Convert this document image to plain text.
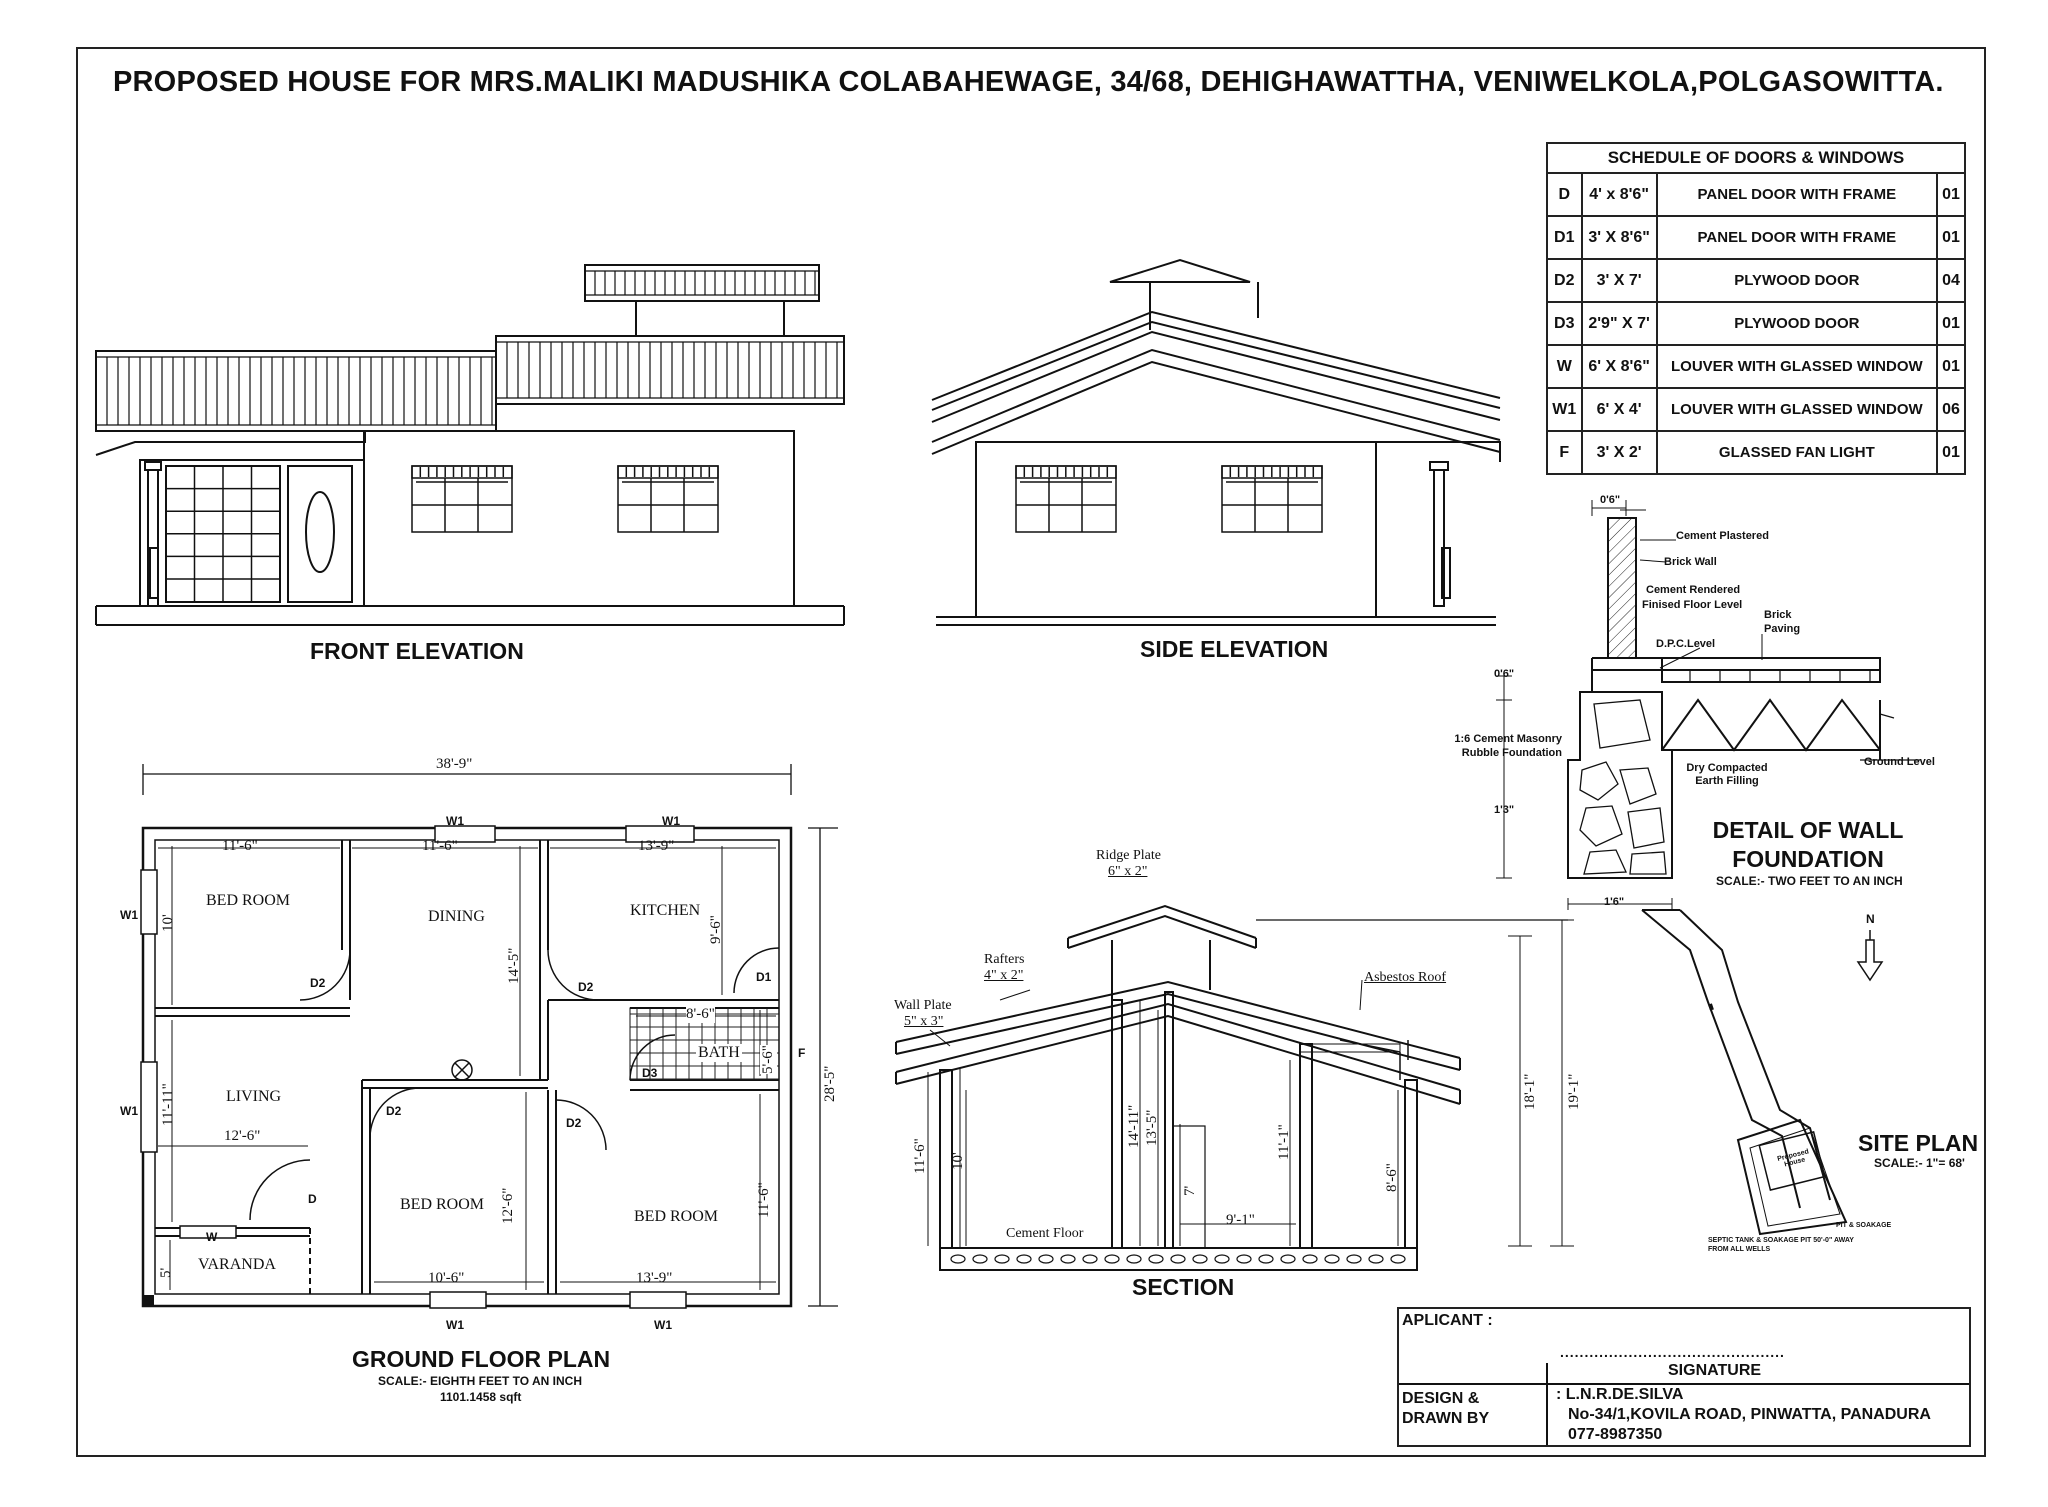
PROPOSED HOUSE FOR MRS.MALIKI MADUSHIKA COLABAHEWAGE, 34/68, DEHIGHAWATTHA, VENIWELKOLA,POLGASOWITTA.
SCHEDULE OF DOORS & WINDOWS			
D	4' x 8'6"	PANEL DOOR WITH FRAME	01
D1	3' X 8'6"	PANEL DOOR WITH FRAME	01
D2	3' X 7'	PLYWOOD DOOR	04
D3	2'9" X 7'	PLYWOOD DOOR	01
W	6' X 8'6"	LOUVER WITH GLASSED WINDOW	01
W1	6' X 4'	LOUVER WITH GLASSED WINDOW	06
F	3' X 2'	GLASSED FAN LIGHT	01
FRONT ELEVATION	SIDE ELEVATION
GROUND FLOOR PLAN
SCALE:- EIGHTH FEET TO AN INCH
1101.1458 sqft
SECTION
DETAIL OF WALL FOUNDATION
SCALE:- TWO FEET TO AN INCH
SITE PLAN
SCALE:- 1"= 68'
BED ROOM
DINING	KITCHEN
LIVING
BATH
BED ROOM
BED ROOM
VARANDA
38'-9"
28'-5"
11'-6"	11'-6"	13'-9"
10'
14'-5"
9'-6"
8'-6"
5'-6"
11'-11"
12'-6"
12'-6"
10'-6"
11'-6"
13'-9"
5'
W1	W1
W1
W1
W1	W1
W
D2	D2
D2
D2
D1
D3
D
F
Ridge Plate
6" x 2"
Rafters
4" x 2"
Wall Plate
5" x 3"
Asbestos Roof
Cement Floor
11'-6" 10'
14'-11" 13'-5"
7'
9'-1"
11'-1"
8'-6"
18'-1" 19'-1"
0'6"
Cement Plastered
Brick Wall
Cement Rendered
Finised Floor Level
Brick Paving
D.P.C.Level
1:6 Cement Masonry Rubble Foundation
Dry Compacted Earth Filling
Ground Level
0'6"
1'3"
1'6"
N
Proposed House
SEPTIC TANK & SOAKAGE PIT 50'-0" AWAY FROM ALL WELLS
PIT & SOAKAGE
APLICANT :
..............................................
SIGNATURE
DESIGN &
DRAWN BY
: L.N.R.DE.SILVA
No-34/1,KOVILA ROAD, PINWATTA, PANADURA
077-8987350
